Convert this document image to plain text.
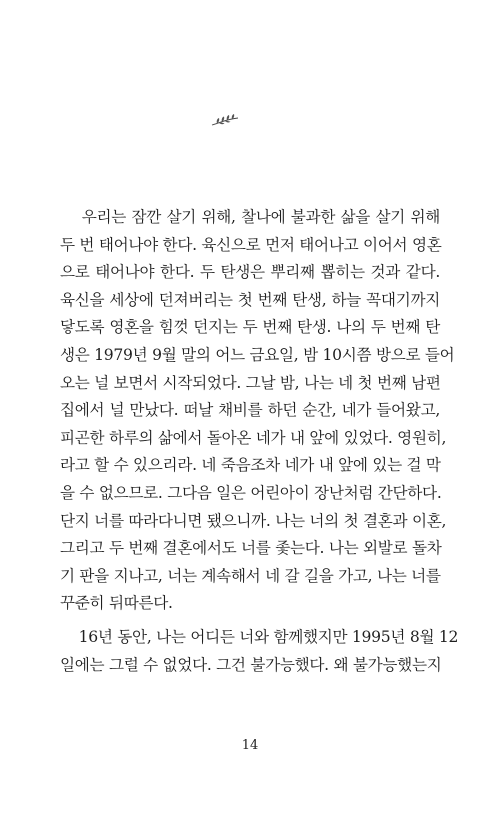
우리는 잠깐 살기 위해, 찰나에 불과한 삶을 살기 위해
두 번 태어나야 한다. 육신으로 먼저 태어나고 이어서 영혼
으로 태어나야 한다. 두 탄생은 뿌리째 뽑히는 것과 같다.
육신을 세상에 던져버리는 첫 번째 탄생, 하늘 꼭대기까지
닿도록 영혼을 힘껏 던지는 두 번째 탄생. 나의 두 번째 탄
생은 1979년 9월 말의 어느 금요일, 밤 10시쯤 방으로 들어
오는 널 보면서 시작되었다. 그날 밤, 나는 네 첫 번째 남편
집에서 널 만났다. 떠날 채비를 하던 순간, 네가 들어왔고,
피곤한 하루의 삶에서 돌아온 네가 내 앞에 있었다. 영원히,
라고 할 수 있으리라. 네 죽음조차 네가 내 앞에 있는 걸 막
을 수 없으므로. 그다음 일은 어린아이 장난처럼 간단하다.
단지 너를 따라다니면 됐으니까. 나는 너의 첫 결혼과 이혼,
그리고 두 번째 결혼에서도 너를 좇는다. 나는 외발로 돌차
기 판을 지나고, 너는 계속해서 네 갈 길을 가고, 나는 너를
꾸준히 뒤따른다.
16년 동안, 나는 어디든 너와 함께했지만 1995년 8월 12
일에는 그럴 수 없었다. 그건 불가능했다. 왜 불가능했는지
14
